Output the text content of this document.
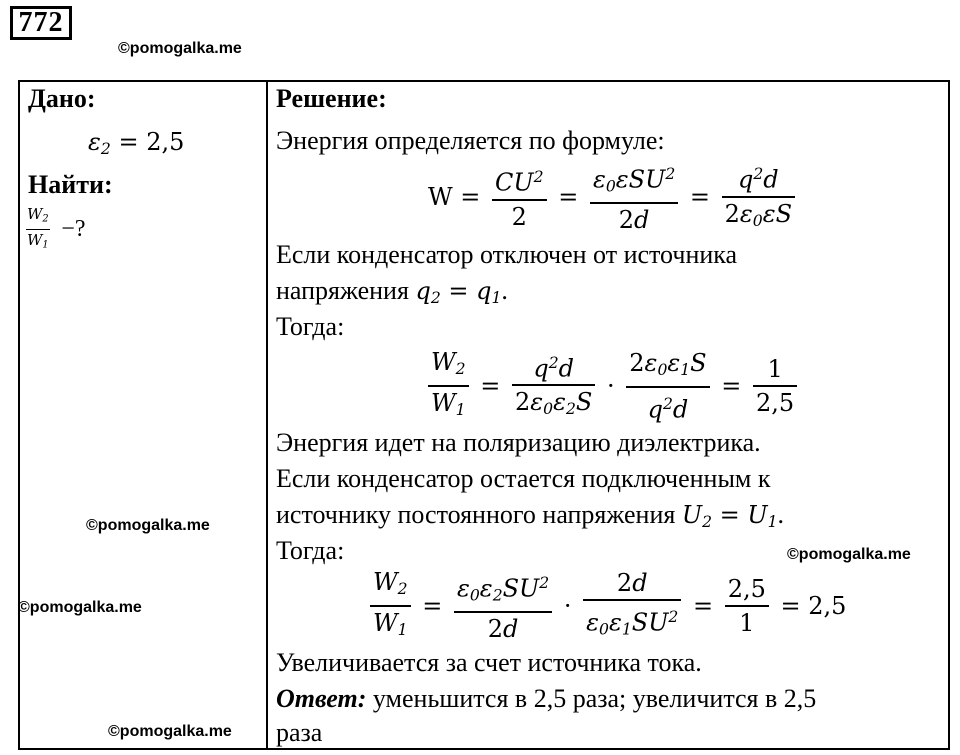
772
©pomogalka.me
©pomogalka.me
©pomogalka.me
©pomogalka.me
©pomogalka.me
Дано:
$\varepsilon_2 = 2,5$
Найти:
$\frac{W_2}{W_1}$ −?
Решение:
Энергия определяется по формуле:
$W = \frac{CU^2}{2} = \frac{\varepsilon_0\varepsilon SU^2}{2d} = \frac{q^2d}{2\varepsilon_0\varepsilon S}$
Если конденсатор отключен от источника
напряжения $q_2 = q_1$.
Тогда:
$\frac{W_2}{W_1} = \frac{q^2d}{2\varepsilon_0\varepsilon_2S} \cdot \frac{2\varepsilon_0\varepsilon_1S}{q^2d} = \frac{1}{2,5}$
Энергия идет на поляризацию диэлектрика.
Если конденсатор остается подключенным к
источнику постоянного напряжения $U_2 = U_1$.
Тогда:
$\frac{W_2}{W_1} = \frac{\varepsilon_0\varepsilon_2SU^2}{2d} \cdot \frac{2d}{\varepsilon_0\varepsilon_1SU^2} = \frac{2,5}{1} = 2,5$
Увеличивается за счет источника тока.
Ответ: уменьшится в 2,5 раза; увеличится в 2,5
раза
